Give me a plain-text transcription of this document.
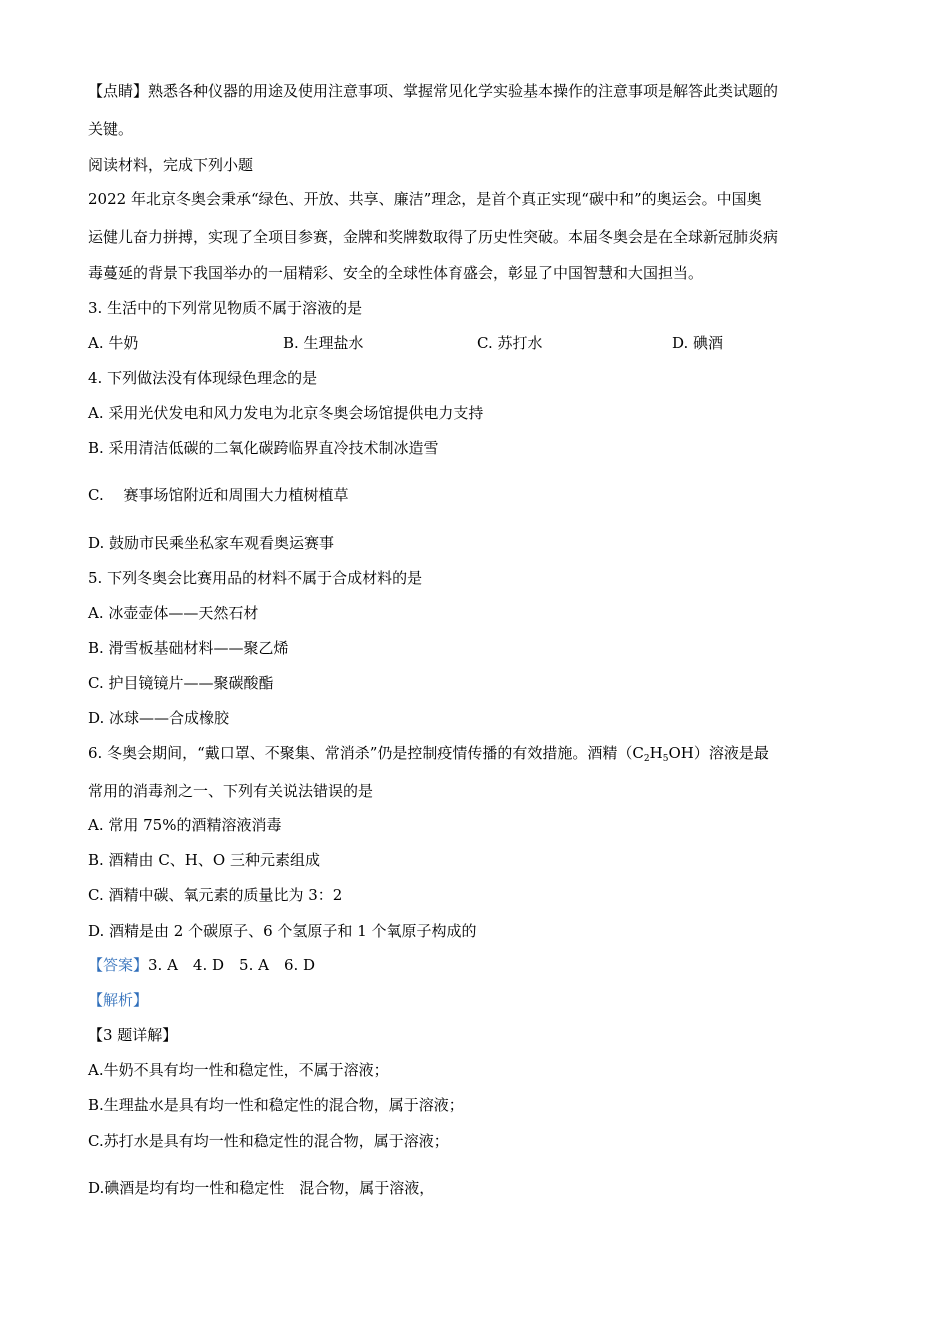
【点睛】熟悉各种仪器的用途及使用注意事项、掌握常见化学实验基本操作的注意事项是解答此类试题的
关键。
阅读材料，完成下列小题
2022 年北京冬奥会秉承“绿色、开放、共享、廉洁”理念，是首个真正实现“碳中和”的奥运会。中国奥
运健儿奋力拼搏，实现了全项目参赛，金牌和奖牌数取得了历史性突破。本届冬奥会是在全球新冠肺炎病
毒蔓延的背景下我国举办的一届精彩、安全的全球性体育盛会，彰显了中国智慧和大国担当。
3. 生活中的下列常见物质不属于溶液的是
A. 牛奶	B. 生理盐水	C. 苏打水	D. 碘酒
4. 下列做法没有体现绿色理念的是
A. 采用光伏发电和风力发电为北京冬奥会场馆提供电力支持
B. 采用清洁低碳的二氧化碳跨临界直冷技术制冰造雪
C.　 赛事场馆附近和周围大力植树植草
D. 鼓励市民乘坐私家车观看奥运赛事
5. 下列冬奥会比赛用品的材料不属于合成材料的是
A. 冰壶壶体——天然石材
B. 滑雪板基础材料——聚乙烯
C. 护目镜镜片——聚碳酸酯
D. 冰球——合成橡胶
6. 冬奥会期间，“戴口罩、不聚集、常消杀”仍是控制疫情传播的有效措施。酒精$(C_2H_5OH)$溶液是最
常用的消毒剂之一、下列有关说法错误的是
A. 常用 75%的酒精溶液消毒
B. 酒精由 C、H、O 三种元素组成
C. 酒精中碳、氧元素的质量比为 3：2
D. 酒精是由 2 个碳原子、6 个氢原子和 1 个氧原子构成的
【答案】3. A　4. D　5. A　6. D
【解析】
【3 题详解】
A.牛奶不具有均一性和稳定性，不属于溶液；
B.生理盐水是具有均一性和稳定性的混合物，属于溶液；
C.苏打水是具有均一性和稳定性的混合物，属于溶液；
D.碘酒是均有均一性和稳定性　混合物，属于溶液，
